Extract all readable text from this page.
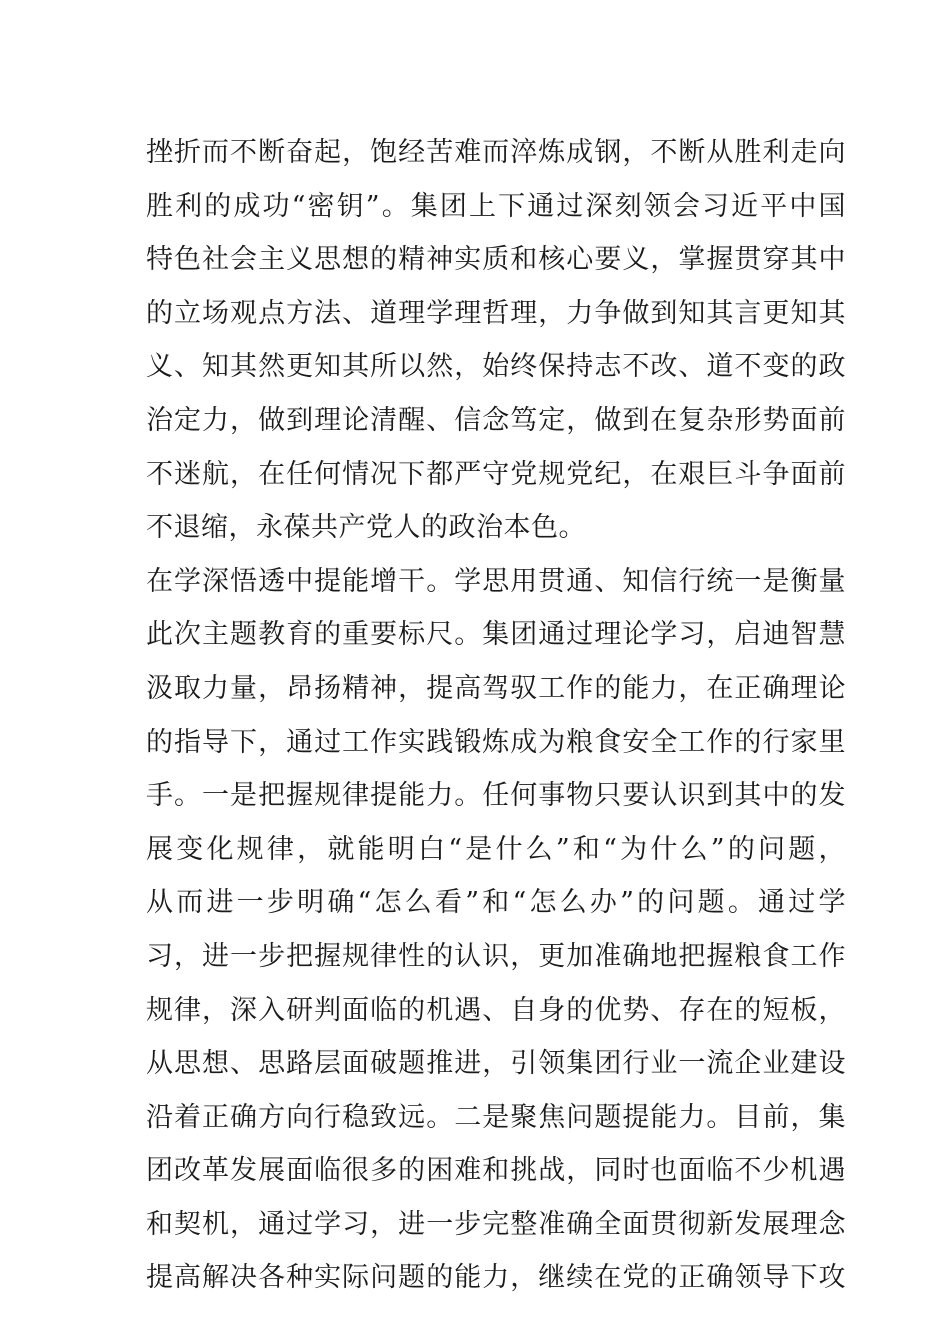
挫折而不断奋起，饱经苦难而淬炼成钢，不断从胜利走向
胜利的成功“密钥”。集团上下通过深刻领会习近平中国
特色社会主义思想的精神实质和核心要义，掌握贯穿其中
的立场观点方法、道理学理哲理，力争做到知其言更知其
义、知其然更知其所以然，始终保持志不改、道不变的政
治定力，做到理论清醒、信念笃定，做到在复杂形势面前
不迷航，在任何情况下都严守党规党纪，在艰巨斗争面前
不退缩，永葆共产党人的政治本色。
在学深悟透中提能增干。学思用贯通、知信行统一是衡量
此次主题教育的重要标尺。集团通过理论学习，启迪智慧
汲取力量，昂扬精神，提高驾驭工作的能力，在正确理论
的指导下，通过工作实践锻炼成为粮食安全工作的行家里
手。一是把握规律提能力。任何事物只要认识到其中的发
展变化规律，就能明白“是什么”和“为什么”的问题，
从而进一步明确“怎么看”和“怎么办”的问题。通过学
习，进一步把握规律性的认识，更加准确地把握粮食工作
规律，深入研判面临的机遇、自身的优势、存在的短板，
从思想、思路层面破题推进，引领集团行业一流企业建设
沿着正确方向行稳致远。二是聚焦问题提能力。目前，集
团改革发展面临很多的困难和挑战，同时也面临不少机遇
和契机，通过学习，进一步完整准确全面贯彻新发展理念
提高解决各种实际问题的能力，继续在党的正确领导下攻
